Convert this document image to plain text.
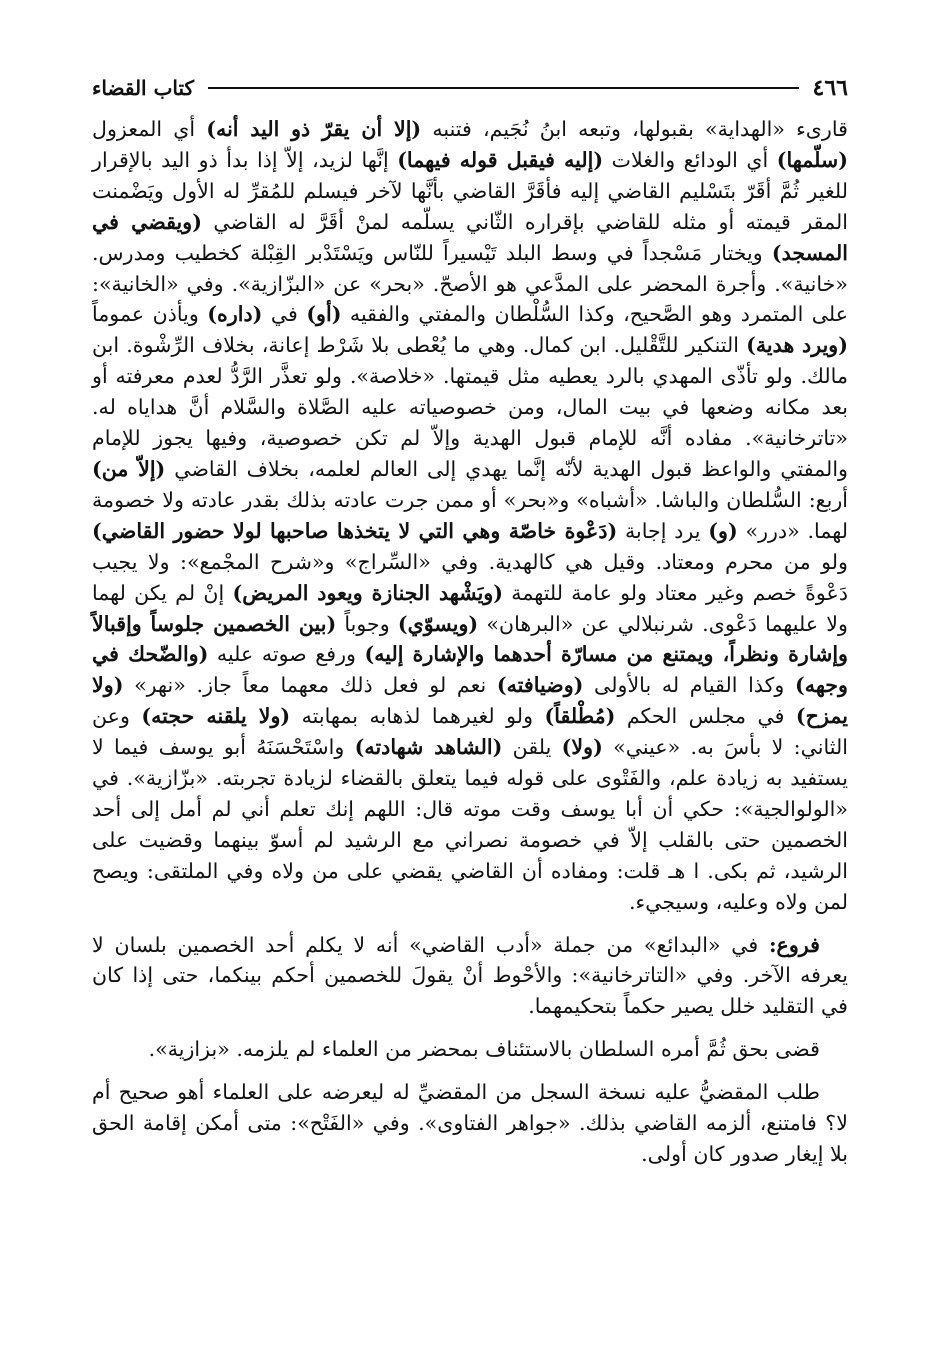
٤٦٦
كتاب القضاء

قارىء «الهداية» بقبولها، وتبعه ابنُ نُجَيم، فتنبه (إلا أن يقرّ ذو اليد أنه) أي المعزول (سلّمها) أي الودائع والغلات (إليه فيقبل قوله فيهما) إنَّها لزيد، إلاّ إذا بدأ ذو اليد بالإقرار للغير ثُمَّ أقَرّ بتَسْليم القاضي إليه فأقَرَّ القاضي بأنَّها لآخر فيسلم للمُقرِّ له الأول ويَضْمنت المقر قيمته أو مثله للقاضي بإقراره الثّاني يسلّمه لمنْ أقَرَّ له القاضي (ويقضي في المسجد) ويختار مَسْجداً في وسط البلد تَيْسيراً للنّاس ويَسْتَدْبر القِبْلة كخطيب ومدرس. «خانية». وأجرة المحضر على المدَّعي هو الأصحّ. «بحر» عن «البزّازية». وفي «الخانية»: على المتمرد وهو الصَّحيح، وكذا السُّلْطان والمفتي والفقيه (أو) في (داره) ويأذن عموماً (ويرد هدية) التنكير للتَّقْليل. ابن كمال. وهي ما يُعْطى بلا شَرْط إعانة، بخلاف الرِّشْوة. ابن مالك. ولو تأذّى المهدي بالرد يعطيه مثل قيمتها. «خلاصة». ولو تعذَّر الرَّدُّ لعدم معرفته أو بعد مكانه وضعها في بيت المال، ومن خصوصياته عليه الصَّلاة والسَّلام أنَّ هداياه له. «تاترخانية». مفاده أنَّه للإمام قبول الهدية وإلاّ لم تكن خصوصية، وفيها يجوز للإمام والمفتي والواعظ قبول الهدية لأنّه إنَّما يهدي إلى العالم لعلمه، بخلاف القاضي (إلاّ من) أربع: السُّلطان والباشا. «أشباه» و«بحر» أو ممن جرت عادته بذلك بقدر عادته ولا خصومة لهما. «درر» (و) يرد إجابة (دَعْوة خاصّة وهي التي لا يتخذها صاحبها لولا حضور القاضي) ولو من محرم ومعتاد. وقيل هي كالهدية. وفي «السِّراج» و«شرح المجْمع»: ولا يجيب دَعْوةً خصم وغير معتاد ولو عامة للتهمة (ويَشْهد الجنازة ويعود المريض) إنْ لم يكن لهما ولا عليهما دَعْوى. شرنبلالي عن «البرهان» (ويسوّي) وجوباً (بين الخصمين جلوساً وإقبالاً وإشارة ونظراً، ويمتنع من مسارّة أحدهما والإشارة إليه) ورفع صوته عليه (والضّحك في وجهه) وكذا القيام له بالأولى (وضيافته) نعم لو فعل ذلك معهما معاً جاز. «نهر» (ولا يمزح) في مجلس الحكم (مُطْلقاً) ولو لغيرهما لذهابه بمهابته (ولا يلقنه حجته) وعن الثاني: لا بأسَ به. «عيني» (ولا) يلقن (الشاهد شهادته) واسْتَحْسَنَهُ أبو يوسف فيما لا يستفيد به زيادة علم، والفَتْوى على قوله فيما يتعلق بالقضاء لزيادة تجربته. «بزّازية». في «الولوالجية»: حكي أن أبا يوسف وقت موته قال: اللهم إنك تعلم أني لم أمل إلى أحد الخصمين حتى بالقلب إلاّ في خصومة نصراني مع الرشيد لم أسوّ بينهما وقضيت على الرشيد، ثم بكى. ا هـ قلت: ومفاده أن القاضي يقضي على من ولاه وفي الملتقى: ويصح لمن ولاه وعليه، وسيجيء.

فروع: في «البدائع» من جملة «أدب القاضي» أنه لا يكلم أحد الخصمين بلسان لا يعرفه الآخر. وفي «التاترخانية»: والأحْوط أنْ يقولَ للخصمين أحكم بينكما، حتى إذا كان في التقليد خلل يصير حكماً بتحكيمهما.

قضى بحق ثُمَّ أمره السلطان بالاستئناف بمحضر من العلماء لم يلزمه. «بزازية».

طلب المقضيُّ عليه نسخة السجل من المقضيِّ له ليعرضه على العلماء أهو صحيح أم لا؟ فامتنع، ألزمه القاضي بذلك. «جواهر الفتاوى». وفي «الفَتْح»: متى أمكن إقامة الحق بلا إيغار صدور كان أولى.
